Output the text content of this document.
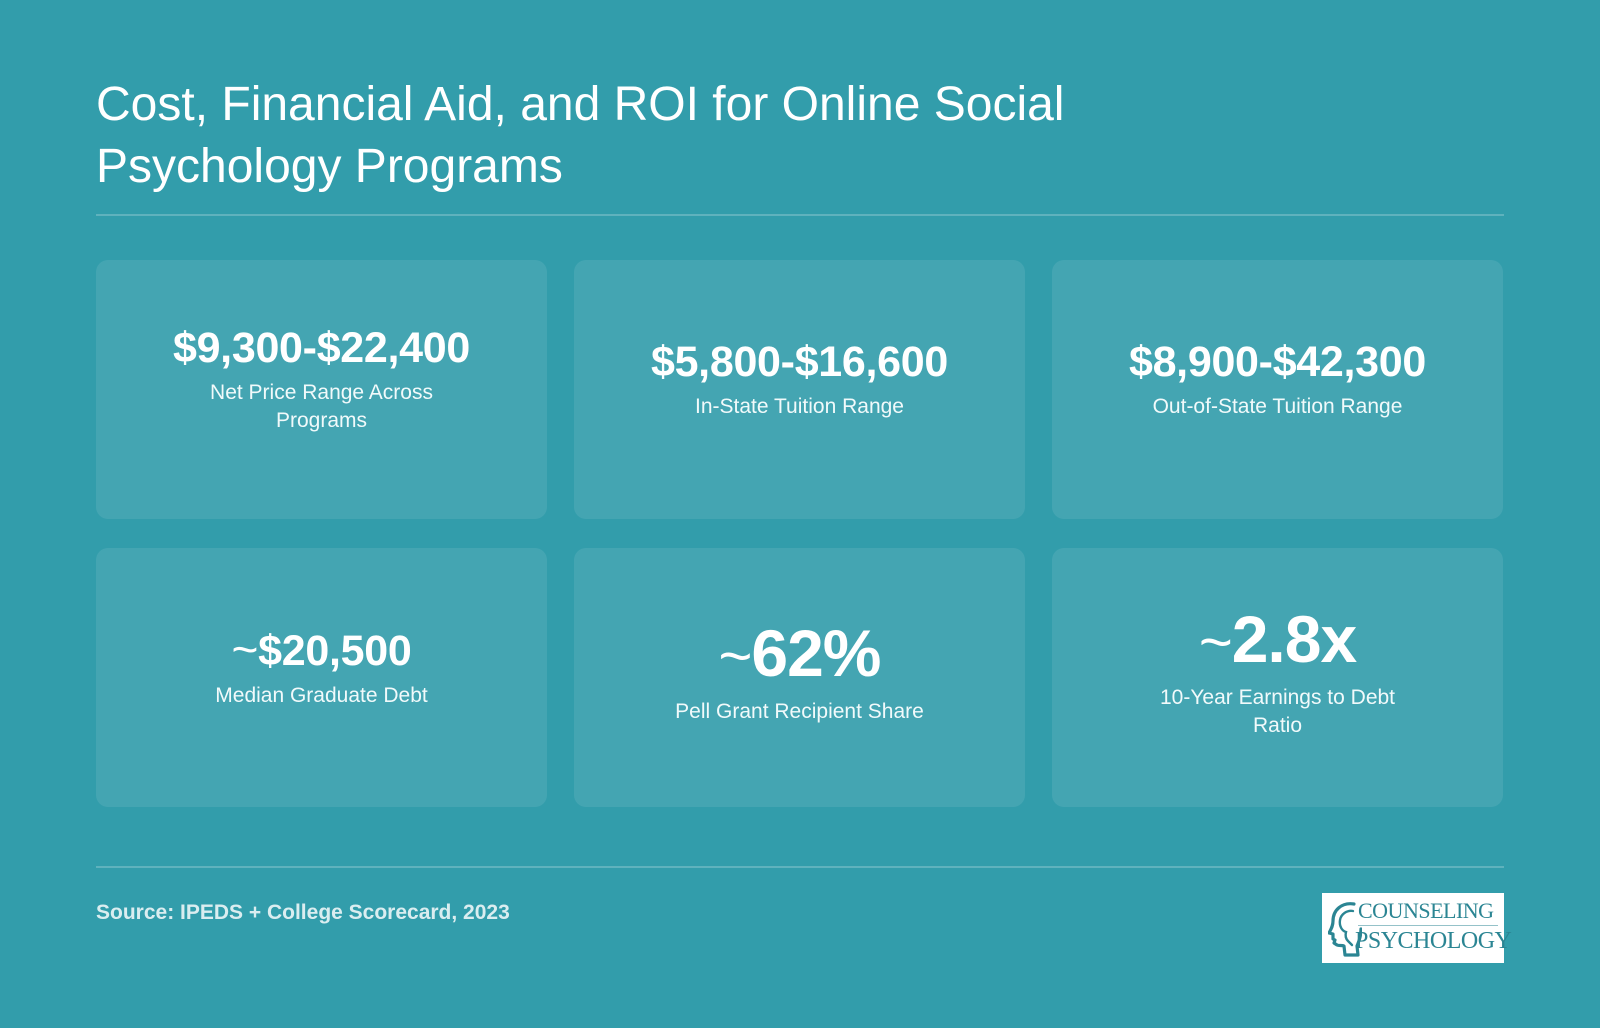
Cost, Financial Aid, and ROI for Online Social Psychology Programs
$9,300-$22,400
Net Price Range Across Programs
$5,800-$16,600
In-State Tuition Range
$8,900-$42,300
Out-of-State Tuition Range
~$20,500
Median Graduate Debt
~62%
Pell Grant Recipient Share
~2.8x
10-Year Earnings to Debt Ratio
Source: IPEDS + College Scorecard, 2023	COUNSELING
PSYCHOLOGY
